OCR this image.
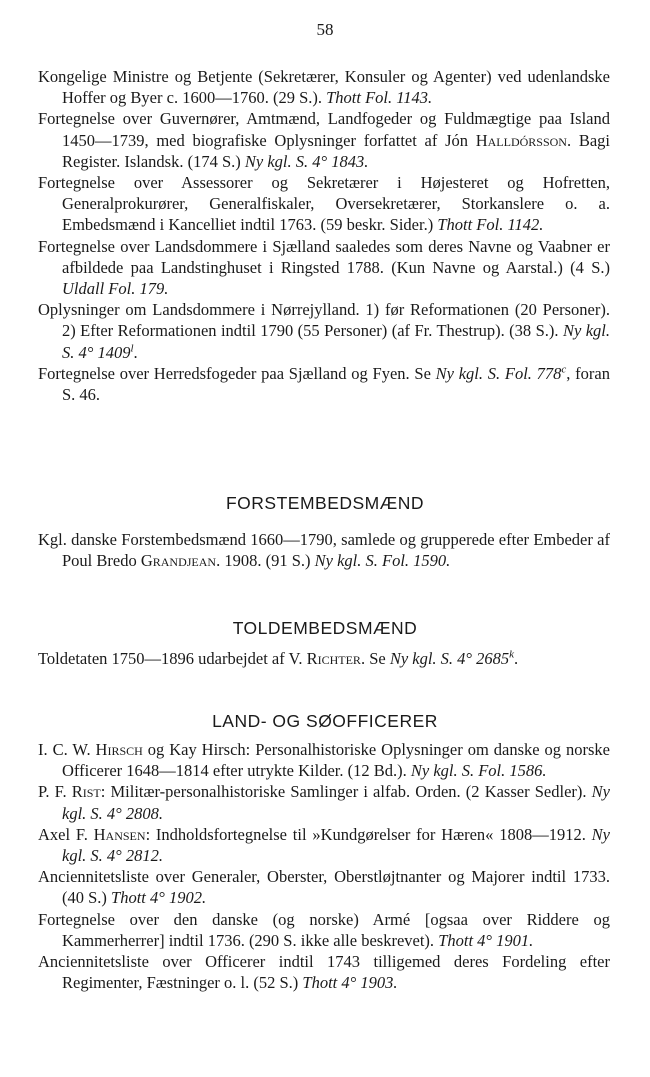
58

Kongelige Ministre og Betjente (Sekretærer, Konsuler og Agenter) ved udenlandske Hoffer og Byer c. 1600—1760. (29 S.). Thott Fol. 1143.

Fortegnelse over Guvernører, Amtmænd, Landfogeder og Fuldmægtige paa Island 1450—1739, med biografiske Oplysninger forfattet af Jón Halldórsson. Bagi Register. Islandsk. (174 S.) Ny kgl. S. 4° 1843.

Fortegnelse over Assessorer og Sekretærer i Højesteret og Hofretten, Generalprokurører, Generalfiskaler, Oversekretærer, Storkanslere o. a. Embedsmænd i Kancelliet indtil 1763. (59 beskr. Sider.) Thott Fol. 1142.

Fortegnelse over Landsdommere i Sjælland saaledes som deres Navne og Vaabner er afbildede paa Landstinghuset i Ringsted 1788. (Kun Navne og Aarstal.) (4 S.) Uldall Fol. 179.

Oplysninger om Landsdommere i Nørrejylland. 1) før Reformationen (20 Personer). 2) Efter Reformationen indtil 1790 (55 Personer) (af Fr. Thestrup). (38 S.). Ny kgl. S. 4° 1409$^l$.

Fortegnelse over Herredsfogeder paa Sjælland og Fyen. Se Ny kgl. S. Fol. 778$^c$, foran S. 46.

FORSTEMBEDSMÆND

Kgl. danske Forstembedsmænd 1660—1790, samlede og grupperede efter Embeder af Poul Bredo Grandjean. 1908. (91 S.) Ny kgl. S. Fol. 1590.

TOLDEMBEDSMÆND

Toldetaten 1750—1896 udarbejdet af V. Richter. Se Ny kgl. S. 4° 2685$^k$.

LAND- OG SØOFFICERER

I. C. W. Hirsch og Kay Hirsch: Personalhistoriske Oplysninger om danske og norske Officerer 1648—1814 efter utrykte Kilder. (12 Bd.). Ny kgl. S. Fol. 1586.

P. F. Rist: Militær-personalhistoriske Samlinger i alfab. Orden. (2 Kasser Sedler). Ny kgl. S. 4° 2808.

Axel F. Hansen: Indholdsfortegnelse til »Kundgørelser for Hæren« 1808—1912. Ny kgl. S. 4° 2812.

Anciennitetsliste over Generaler, Oberster, Oberstløjtnanter og Majorer indtil 1733. (40 S.) Thott 4° 1902.

Fortegnelse over den danske (og norske) Armé [ogsaa over Riddere og Kammerherrer] indtil 1736. (290 S. ikke alle beskrevet). Thott 4° 1901.

Anciennitetsliste over Officerer indtil 1743 tilligemed deres Fordeling efter Regimenter, Fæstninger o. l. (52 S.) Thott 4° 1903.
